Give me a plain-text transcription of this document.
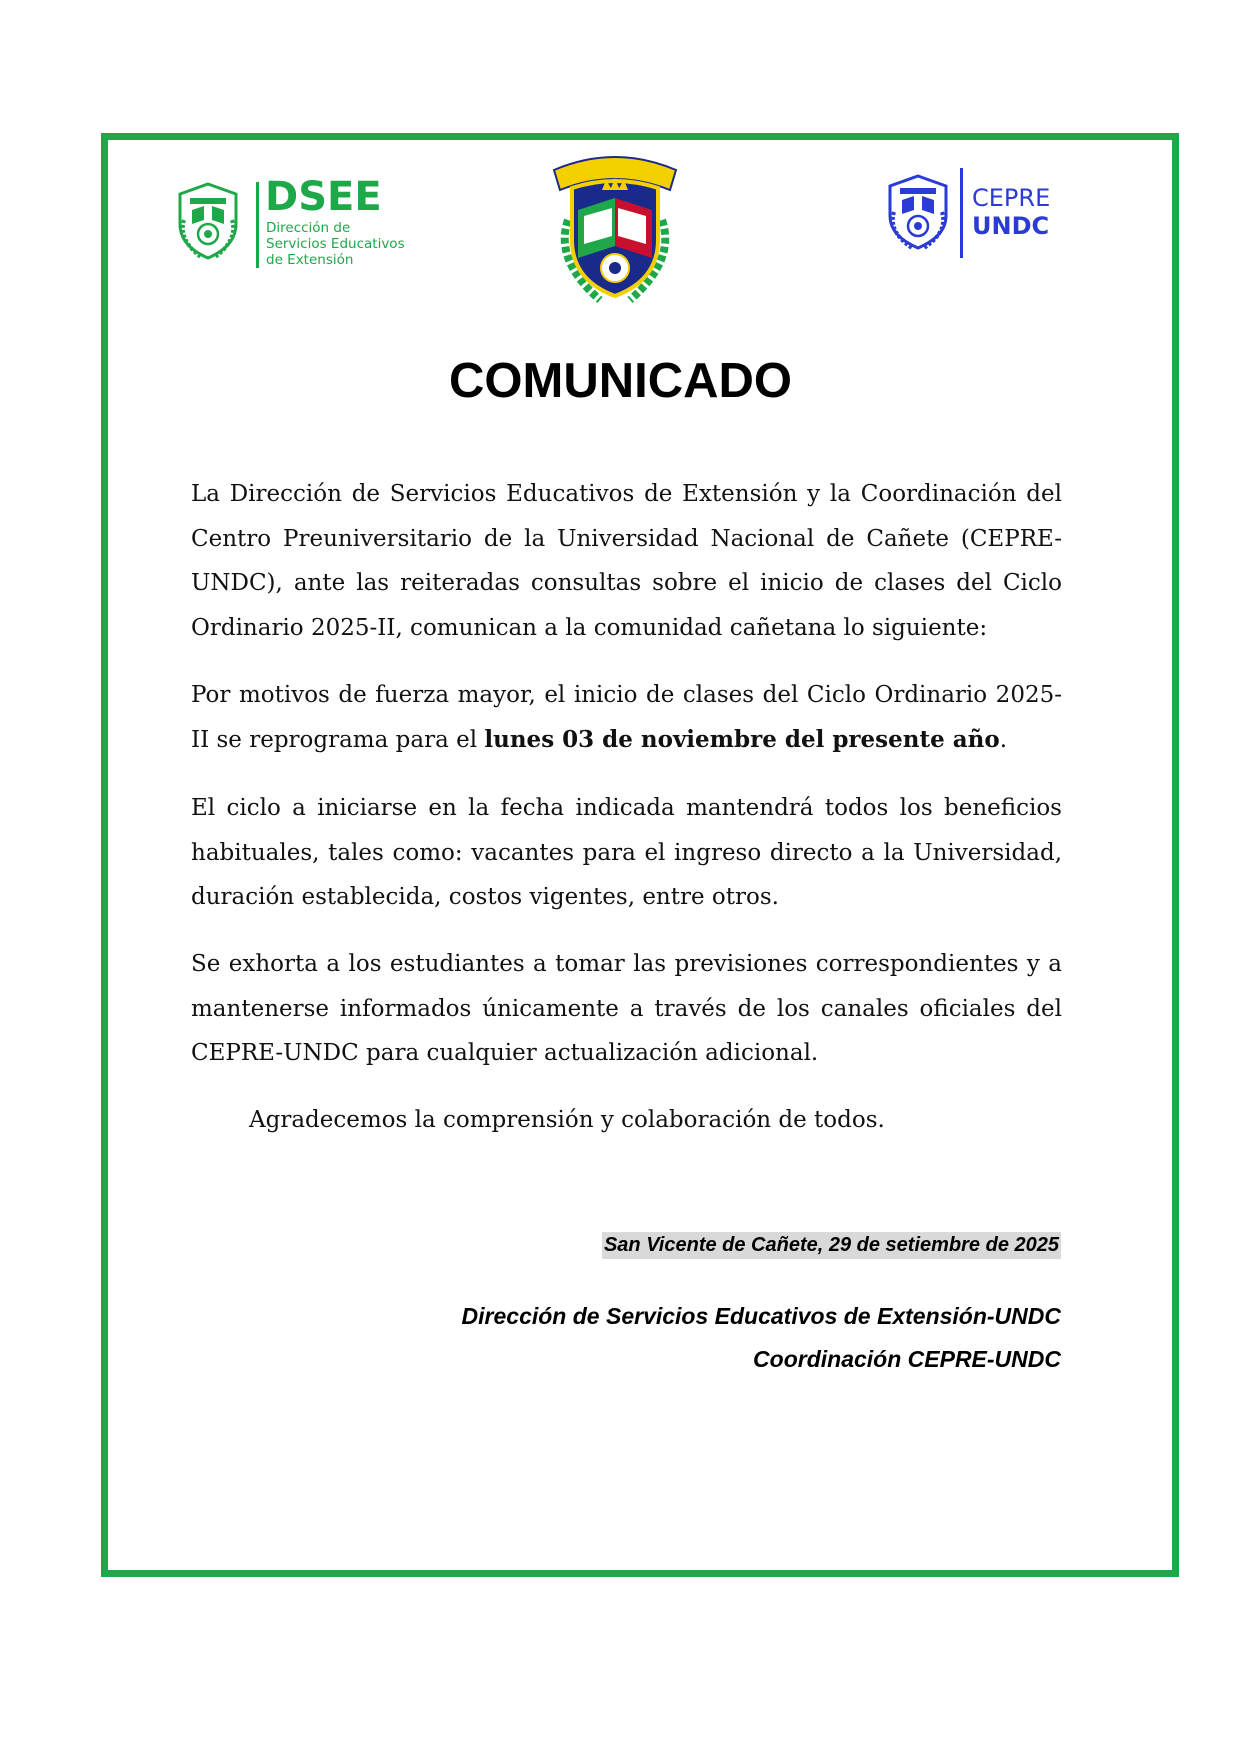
DSEE
Dirección de
Servicios Educativos
de Extensión
CEPRE
UNDC
COMUNICADO
La Dirección de Servicios Educativos de Extensión y la Coordinación del Centro Preuniversitario de la Universidad Nacional de Cañete (CEPRE-UNDC), ante las reiteradas consultas sobre el inicio de clases del Ciclo Ordinario 2025-II, comunican a la comunidad cañetana lo siguiente:
Por motivos de fuerza mayor, el inicio de clases del Ciclo Ordinario 2025-II se reprograma para el lunes 03 de noviembre del presente año.
El ciclo a iniciarse en la fecha indicada mantendrá todos los beneficios habituales, tales como: vacantes para el ingreso directo a la Universidad, duración establecida, costos vigentes, entre otros.
Se exhorta a los estudiantes a tomar las previsiones correspondientes y a mantenerse informados únicamente a través de los canales oficiales del CEPRE-UNDC para cualquier actualización adicional.
Agradecemos la comprensión y colaboración de todos.
San Vicente de Cañete, 29 de setiembre de 2025
Dirección de Servicios Educativos de Extensión-UNDC
Coordinación CEPRE-UNDC
